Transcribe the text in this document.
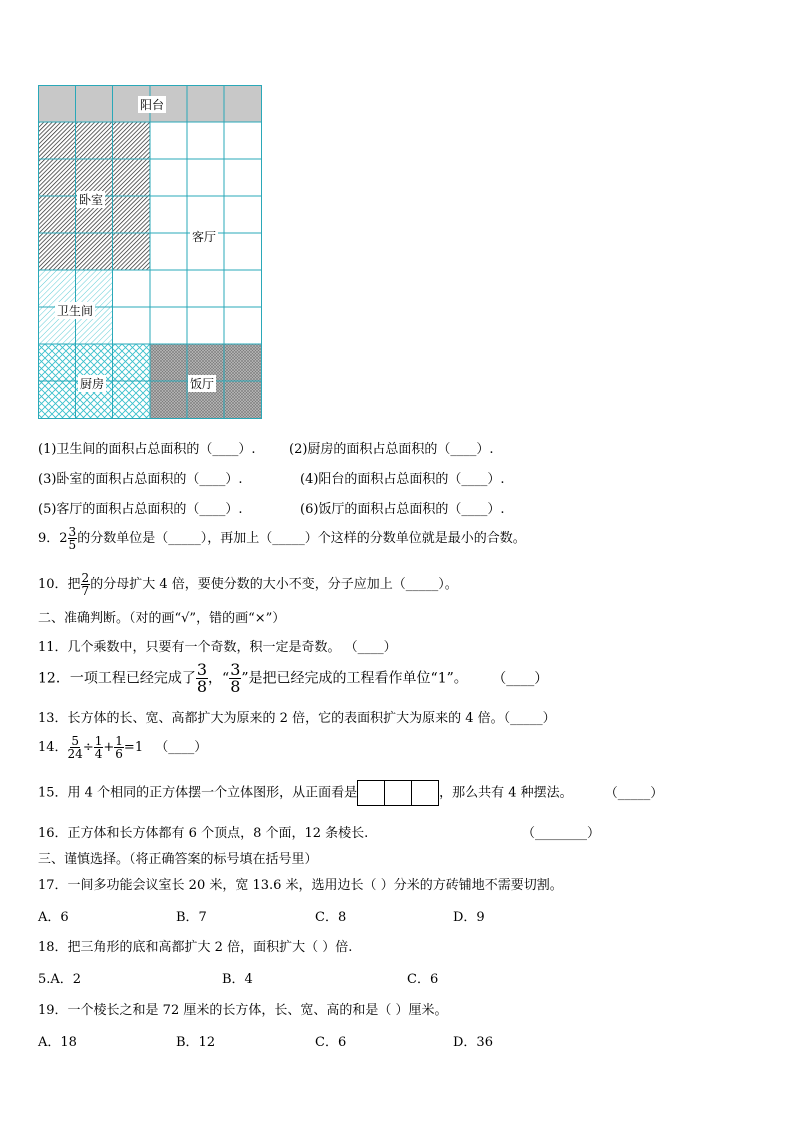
阳台
卧室
客厅
卫生间
厨房	饭厅
(1)卫生间的面积占总面积的（____）.	(2)厨房的面积占总面积的（____）.
(3)卧室的面积占总面积的（____）.	(4)阳台的面积占总面积的（____）.
(5)客厅的面积占总面积的（____）.	(6)饭厅的面积占总面积的（____）.
9．$2 \frac{3}{5}$ 的分数单位是（_____），再加上（_____）个这样的分数单位就是最小的合数。
10．把 $\frac{2}{7}$ 的分母扩大 4 倍，要使分数的大小不变，分子应加上（_____）。
二、准确判断。（对的画“√”，错的画“×”）
11．几个乘数中，只要有一个奇数，积一定是奇数。 （____）
12．一项工程已经完成了 $\frac{3}{8}$ ，“ $\frac{3}{8}$ ”是把已经完成的工程看作单位“1”。 （____）
13．长方体的长、宽、高都扩大为原来的 2 倍，它的表面积扩大为原来的 4 倍。（_____）
14． $\frac{5}{24} \div \frac{1}{4} + \frac{1}{6} =1$ （____）
15．用 4 个相同的正方体摆一个立体图形，从正面看是	，那么共有 4 种摆法。 （_____）
16．正方体和长方体都有 6 个顶点，8 个面，12 条棱长.	（________）
三、谨慎选择。（将正确答案的标号填在括号里）
17．一间多功能会议室长 20 米，宽 13.6 米，选用边长（ ）分米的方砖铺地不需要切割。
A．6	B．7	C．8	D．9
18．把三角形的底和高都扩大 2 倍，面积扩大（ ）倍.
5.A．2	B．4	C．6
19．一个棱长之和是 72 厘米的长方体，长、宽、高的和是（ ）厘米。
A．18	B．12	C．6	D．36
